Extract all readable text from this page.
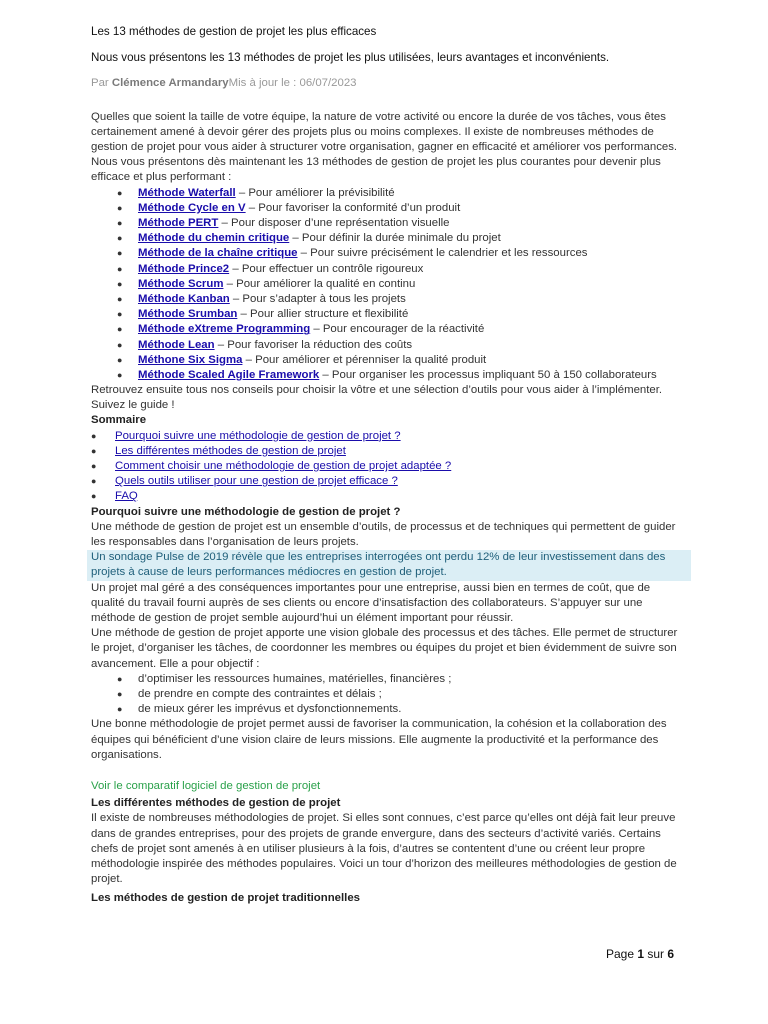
Les 13 méthodes de gestion de projet les plus efficaces

Nous vous présentons les 13 méthodes de projet les plus utilisées, leurs avantages et inconvénients.

Par Clémence ArmandaryMis à jour le : 06/07/2023

Quelles que soient la taille de votre équipe, la nature de votre activité ou encore la durée de vos tâches, vous êtes certainement amené à devoir gérer des projets plus ou moins complexes. Il existe de nombreuses méthodes de gestion de projet pour vous aider à structurer votre organisation, gagner en efficacité et améliorer vos performances.

Nous vous présentons dès maintenant les 13 méthodes de gestion de projet les plus courantes pour devenir plus efficace et plus performant :

● Méthode Waterfall – Pour améliorer la prévisibilité
● Méthode Cycle en V – Pour favoriser la conformité d’un produit
● Méthode PERT – Pour disposer d’une représentation visuelle
● Méthode du chemin critique – Pour définir la durée minimale du projet
● Méthode de la chaîne critique – Pour suivre précisément le calendrier et les ressources
● Méthode Prince2 – Pour effectuer un contrôle rigoureux
● Méthode Scrum – Pour améliorer la qualité en continu
● Méthode Kanban – Pour s’adapter à tous les projets
● Méthode Srumban – Pour allier structure et flexibilité
● Méthode eXtreme Programming – Pour encourager de la réactivité
● Méthode Lean – Pour favoriser la réduction des coûts
● Méthone Six Sigma – Pour améliorer et pérenniser la qualité produit
● Méthode Scaled Agile Framework – Pour organiser les processus impliquant 50 à 150 collaborateurs

Retrouvez ensuite tous nos conseils pour choisir la vôtre et une sélection d’outils pour vous aider à l’implémenter. Suivez le guide !

Sommaire

● Pourquoi suivre une méthodologie de gestion de projet ?
● Les différentes méthodes de gestion de projet
● Comment choisir une méthodologie de gestion de projet adaptée ?
● Quels outils utiliser pour une gestion de projet efficace ?
● FAQ

Pourquoi suivre une méthodologie de gestion de projet ?

Une méthode de gestion de projet est un ensemble d’outils, de processus et de techniques qui permettent de guider les responsables dans l’organisation de leurs projets.

Un sondage Pulse de 2019 révèle que les entreprises interrogées ont perdu 12% de leur investissement dans des projets à cause de leurs performances médiocres en gestion de projet.

Un projet mal géré a des conséquences importantes pour une entreprise, aussi bien en termes de coût, que de qualité du travail fourni auprès de ses clients ou encore d’insatisfaction des collaborateurs. S’appuyer sur une méthode de gestion de projet semble aujourd’hui un élément important pour réussir.

Une méthode de gestion de projet apporte une vision globale des processus et des tâches. Elle permet de structurer le projet, d’organiser les tâches, de coordonner les membres ou équipes du projet et bien évidemment de suivre son avancement. Elle a pour objectif :

● d’optimiser les ressources humaines, matérielles, financières ;
● de prendre en compte des contraintes et délais ;
● de mieux gérer les imprévus et dysfonctionnements.

Une bonne méthodologie de projet permet aussi de favoriser la communication, la cohésion et la collaboration des équipes qui bénéficient d’une vision claire de leurs missions. Elle augmente la productivité et la performance des organisations.

Voir le comparatif logiciel de gestion de projet

Les différentes méthodes de gestion de projet

Il existe de nombreuses méthodologies de projet. Si elles sont connues, c’est parce qu’elles ont déjà fait leur preuve dans de grandes entreprises, pour des projets de grande envergure, dans des secteurs d’activité variés. Certains chefs de projet sont amenés à en utiliser plusieurs à la fois, d’autres se contentent d’une ou créent leur propre méthodologie inspirée des méthodes populaires. Voici un tour d’horizon des meilleures méthodologies de gestion de projet.

Les méthodes de gestion de projet traditionnelles

Page 1 sur 6
